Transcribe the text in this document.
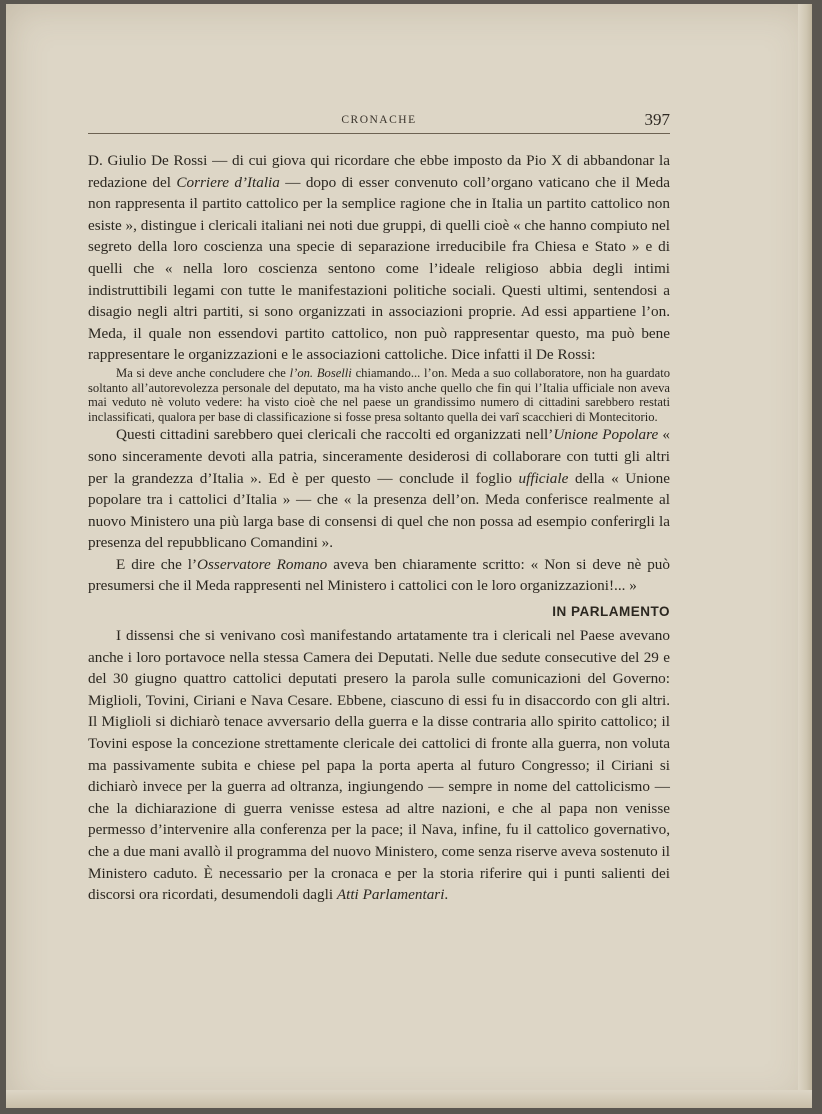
CRONACHE	397

D. Giulio De Rossi — di cui giova qui ricordare che ebbe imposto da Pio X di abbandonar la redazione del Corriere d’Italia — dopo di esser convenuto coll’organo vaticano che il Meda non rappresenta il partito cattolico per la semplice ragione che in Italia un partito cattolico non esiste », distingue i clericali italiani nei noti due gruppi, di quelli cioè « che hanno compiuto nel segreto della loro coscienza una specie di separazione irreducibile fra Chiesa e Stato » e di quelli che « nella loro coscienza sentono come l’ideale religioso abbia degli intimi indistruttibili legami con tutte le manifestazioni politiche sociali. Questi ultimi, sentendosi a disagio negli altri partiti, si sono organizzati in associazioni proprie. Ad essi appartiene l’on. Meda, il quale non essendovi partito cattolico, non può rappresentar questo, ma può bene rappresentare le organizzazioni e le associazioni cattoliche. Dice infatti il De Rossi:

Ma si deve anche concludere che l’on. Boselli chiamando... l’on. Meda a suo collaboratore, non ha guardato soltanto all’autorevolezza personale del deputato, ma ha visto anche quello che fin qui l’Italia ufficiale non aveva mai veduto nè voluto vedere: ha visto cioè che nel paese un grandissimo numero di cittadini sarebbero restati inclassificati, qualora per base di classificazione si fosse presa soltanto quella dei varî scacchieri di Montecitorio.

Questi cittadini sarebbero quei clericali che raccolti ed organizzati nell’Unione Popolare « sono sinceramente devoti alla patria, sinceramente desiderosi di collaborare con tutti gli altri per la grandezza d’Italia ». Ed è per questo — conclude il foglio ufficiale della « Unione popolare tra i cattolici d’Italia » — che « la presenza dell’on. Meda conferisce realmente al nuovo Ministero una più larga base di consensi di quel che non possa ad esempio conferirgli la presenza del repubblicano Comandini ».

E dire che l’Osservatore Romano aveva ben chiaramente scritto: « Non si deve nè può presumersi che il Meda rappresenti nel Ministero i cattolici con le loro organizzazioni!... »

IN PARLAMENTO

I dissensi che si venivano così manifestando artatamente tra i clericali nel Paese avevano anche i loro portavoce nella stessa Camera dei Deputati. Nelle due sedute consecutive del 29 e del 30 giugno quattro cattolici deputati presero la parola sulle comunicazioni del Governo: Miglioli, Tovini, Ciriani e Nava Cesare. Ebbene, ciascuno di essi fu in disaccordo con gli altri. Il Miglioli si dichiarò tenace avversario della guerra e la disse contraria allo spirito cattolico; il Tovini espose la concezione strettamente clericale dei cattolici di fronte alla guerra, non voluta ma passivamente subita e chiese pel papa la porta aperta al futuro Congresso; il Ciriani si dichiarò invece per la guerra ad oltranza, ingiungendo — sempre in nome del cattolicismo — che la dichiarazione di guerra venisse estesa ad altre nazioni, e che al papa non venisse permesso d’intervenire alla conferenza per la pace; il Nava, infine, fu il cattolico governativo, che a due mani avallò il programma del nuovo Ministero, come senza riserve aveva sostenuto il Ministero caduto. È necessario per la cronaca e per la storia riferire qui i punti salienti dei discorsi ora ricordati, desumendoli dagli Atti Parlamentari.
